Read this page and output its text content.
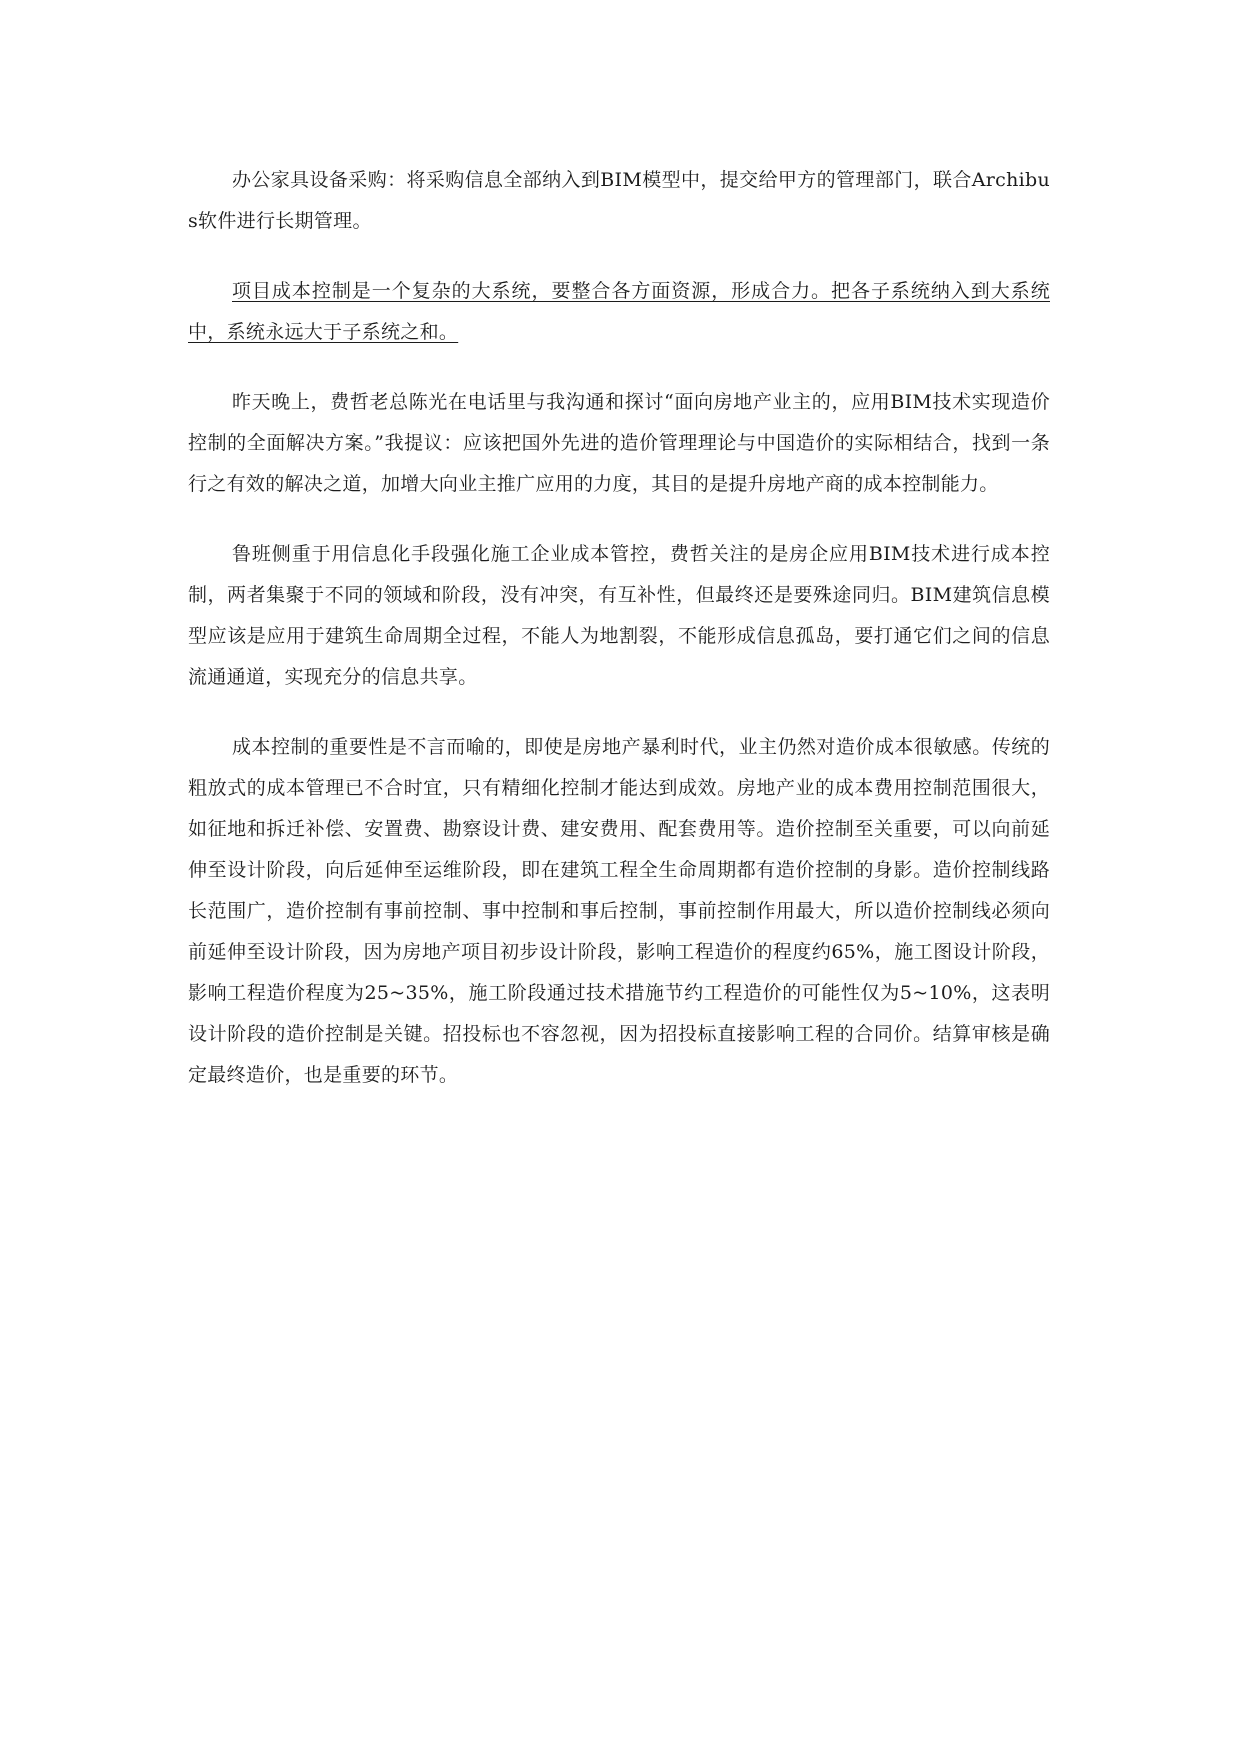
办公家具设备采购：将采购信息全部纳入到BIM模型中，提交给甲方的管理部门，联合Archibus软件进行长期管理。

项目成本控制是一个复杂的大系统，要整合各方面资源，形成合力。把各子系统纳入到大系统中，系统永远大于子系统之和。

昨天晚上，费哲老总陈光在电话里与我沟通和探讨“面向房地产业主的，应用BIM技术实现造价控制的全面解决方案。”我提议：应该把国外先进的造价管理理论与中国造价的实际相结合，找到一条行之有效的解决之道，加增大向业主推广应用的力度，其目的是提升房地产商的成本控制能力。

鲁班侧重于用信息化手段强化施工企业成本管控，费哲关注的是房企应用BIM技术进行成本控制，两者集聚于不同的领域和阶段，没有冲突，有互补性，但最终还是要殊途同归。BIM建筑信息模型应该是应用于建筑生命周期全过程，不能人为地割裂，不能形成信息孤岛，要打通它们之间的信息流通通道，实现充分的信息共享。

成本控制的重要性是不言而喻的，即使是房地产暴利时代，业主仍然对造价成本很敏感。传统的粗放式的成本管理已不合时宜，只有精细化控制才能达到成效。房地产业的成本费用控制范围很大，如征地和拆迁补偿、安置费、勘察设计费、建安费用、配套费用等。造价控制至关重要，可以向前延伸至设计阶段，向后延伸至运维阶段，即在建筑工程全生命周期都有造价控制的身影。造价控制线路长范围广，造价控制有事前控制、事中控制和事后控制，事前控制作用最大，所以造价控制线必须向前延伸至设计阶段，因为房地产项目初步设计阶段，影响工程造价的程度约65%，施工图设计阶段，影响工程造价程度为25~35%，施工阶段通过技术措施节约工程造价的可能性仅为5~10%，这表明设计阶段的造价控制是关键。招投标也不容忽视，因为招投标直接影响工程的合同价。结算审核是确定最终造价，也是重要的环节。
